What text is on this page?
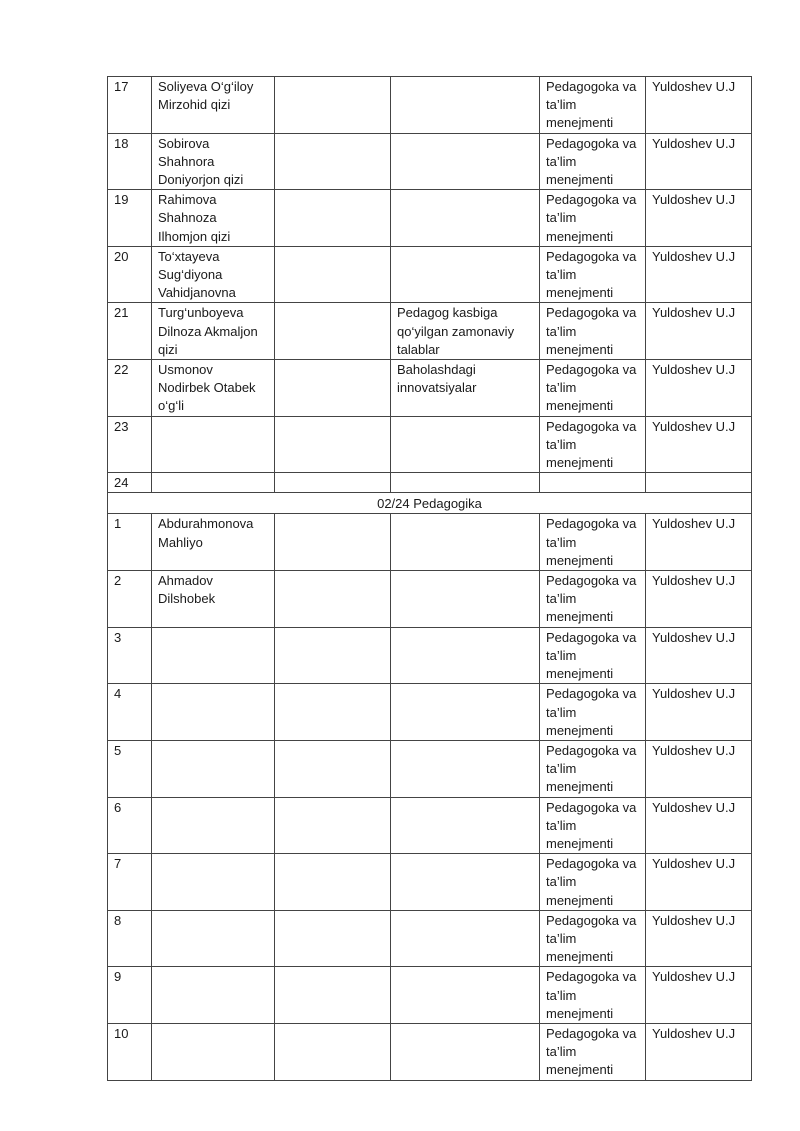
17	Soliyeva O‘g‘iloy Mirzohid qizi			Pedagogoka va ta’lim menejmenti	Yuldoshev U.J
18	Sobirova Shahnora Doniyorjon qizi			Pedagogoka va ta’lim menejmenti	Yuldoshev U.J
19	Rahimova Shahnoza Ilhomjon qizi			Pedagogoka va ta’lim menejmenti	Yuldoshev U.J
20	To‘xtayeva Sug‘diyona Vahidjanovna			Pedagogoka va ta’lim menejmenti	Yuldoshev U.J
21	Turg‘unboyeva Dilnoza Akmaljon qizi		Pedagog kasbiga qo‘yilgan zamonaviy talablar	Pedagogoka va ta’lim menejmenti	Yuldoshev U.J
22	Usmonov Nodirbek Otabek o‘g‘li		Baholashdagi innovatsiyalar	Pedagogoka va ta’lim menejmenti	Yuldoshev U.J
23				Pedagogoka va ta’lim menejmenti	Yuldoshev U.J
24					
02/24 Pedagogika					
1	Abdurahmonova Mahliyo			Pedagogoka va ta’lim menejmenti	Yuldoshev U.J
2	Ahmadov Dilshobek			Pedagogoka va ta’lim menejmenti	Yuldoshev U.J
3				Pedagogoka va ta’lim menejmenti	Yuldoshev U.J
4				Pedagogoka va ta’lim menejmenti	Yuldoshev U.J
5				Pedagogoka va ta’lim menejmenti	Yuldoshev U.J
6				Pedagogoka va ta’lim menejmenti	Yuldoshev U.J
7				Pedagogoka va ta’lim menejmenti	Yuldoshev U.J
8				Pedagogoka va ta’lim menejmenti	Yuldoshev U.J
9				Pedagogoka va ta’lim menejmenti	Yuldoshev U.J
10				Pedagogoka va ta’lim menejmenti	Yuldoshev U.J
